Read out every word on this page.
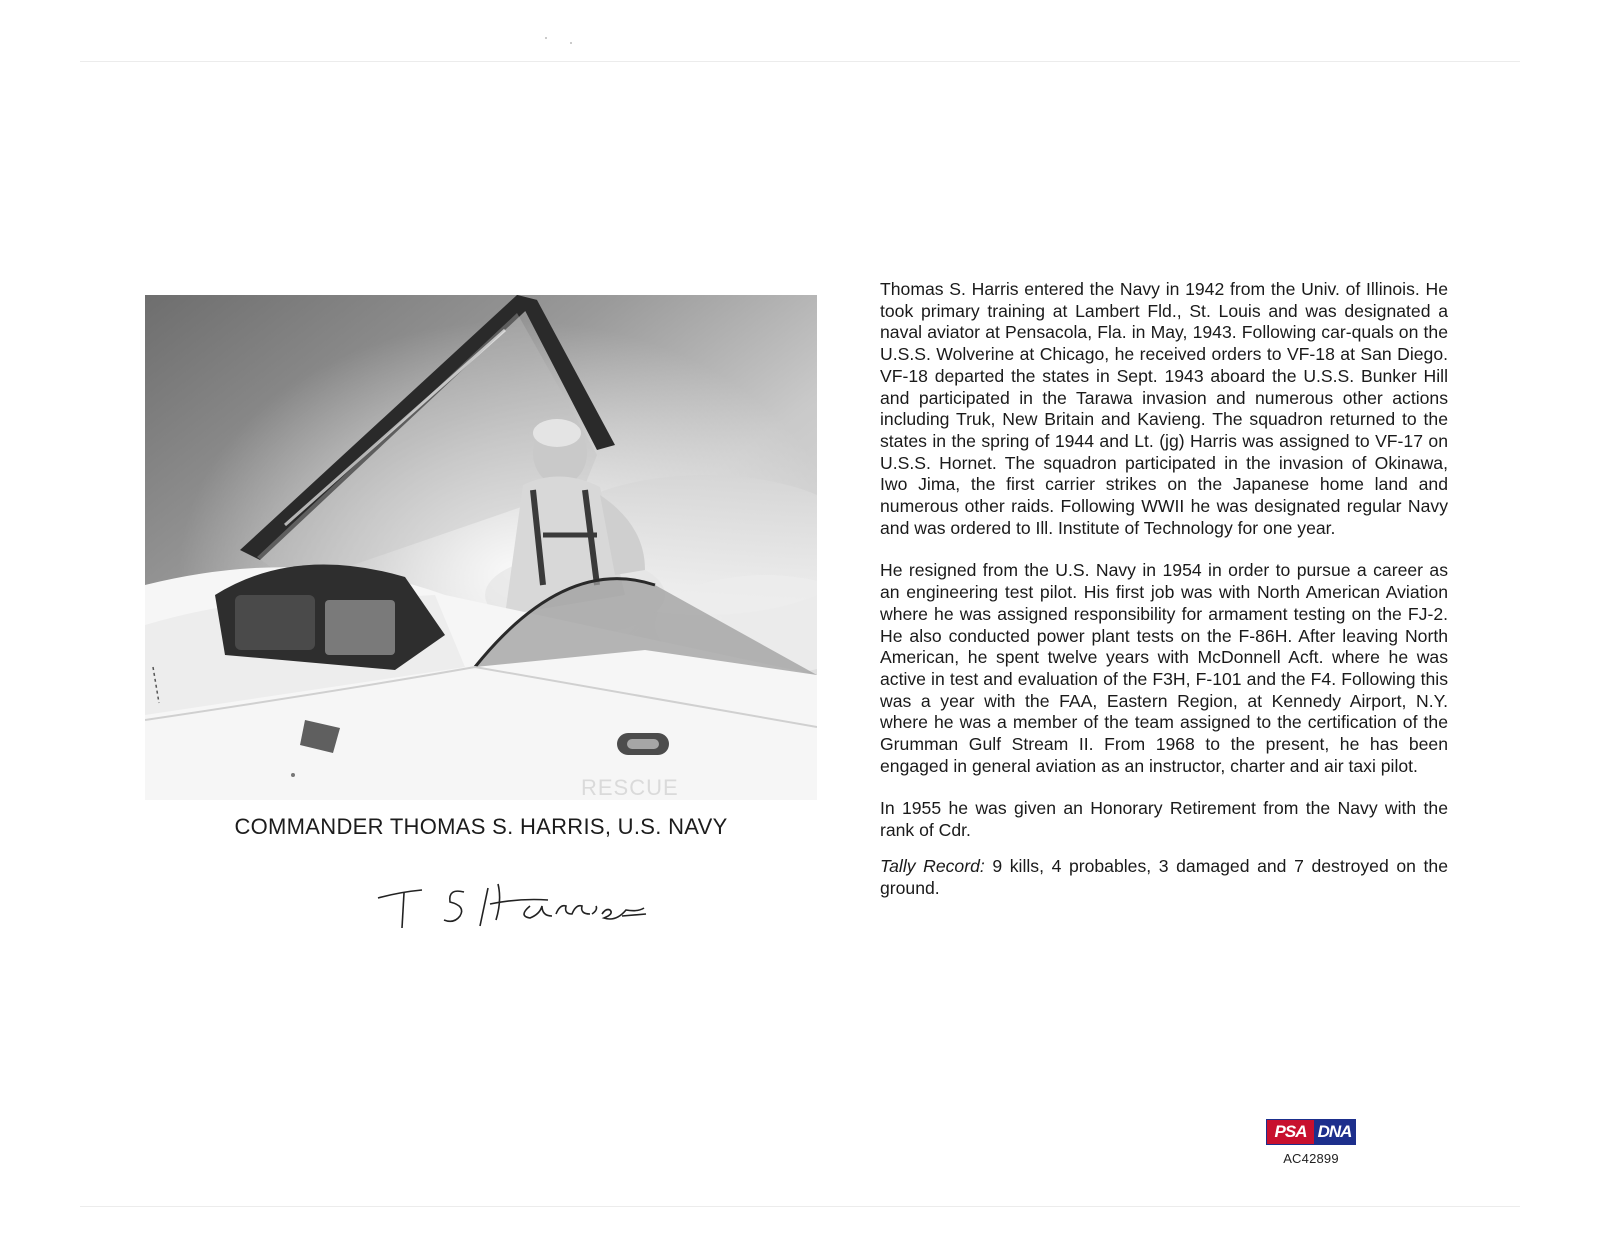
RESCUE
COMMANDER THOMAS S. HARRIS, U.S. NAVY

Thomas S. Harris entered the Navy in 1942 from the Univ. of Illinois. He took primary training at Lambert Fld., St. Louis and was designated a naval aviator at Pensacola, Fla. in May, 1943. Following car-quals on the U.S.S. Wolverine at Chicago, he received orders to VF-18 at San Diego. VF-18 departed the states in Sept. 1943 aboard the U.S.S. Bunker Hill and participated in the Tarawa invasion and numerous other actions including Truk, New Britain and Kavieng. The squadron returned to the states in the spring of 1944 and Lt. (jg) Harris was assigned to VF-17 on U.S.S. Hornet. The squadron participated in the invasion of Okinawa, Iwo Jima, the first carrier strikes on the Japanese home land and numerous other raids. Following WWII he was designated regular Navy and was ordered to Ill. Institute of Technology for one year.

He resigned from the U.S. Navy in 1954 in order to pursue a career as an engineering test pilot. His first job was with North American Aviation where he was assigned responsibility for armament testing on the FJ-2. He also conducted power plant tests on the F-86H. After leaving North American, he spent twelve years with McDonnell Acft. where he was active in test and evaluation of the F3H, F-101 and the F4. Following this was a year with the FAA, Eastern Region, at Kennedy Airport, N.Y. where he was a member of the team assigned to the certification of the Grumman Gulf Stream II. From 1968 to the present, he has been engaged in general aviation as an instructor, charter and air taxi pilot.

In 1955 he was given an Honorary Retirement from the Navy with the rank of Cdr.

Tally Record: 9 kills, 4 probables, 3 damaged and 7 destroyed on the ground.

PSA DNA
AC42899
